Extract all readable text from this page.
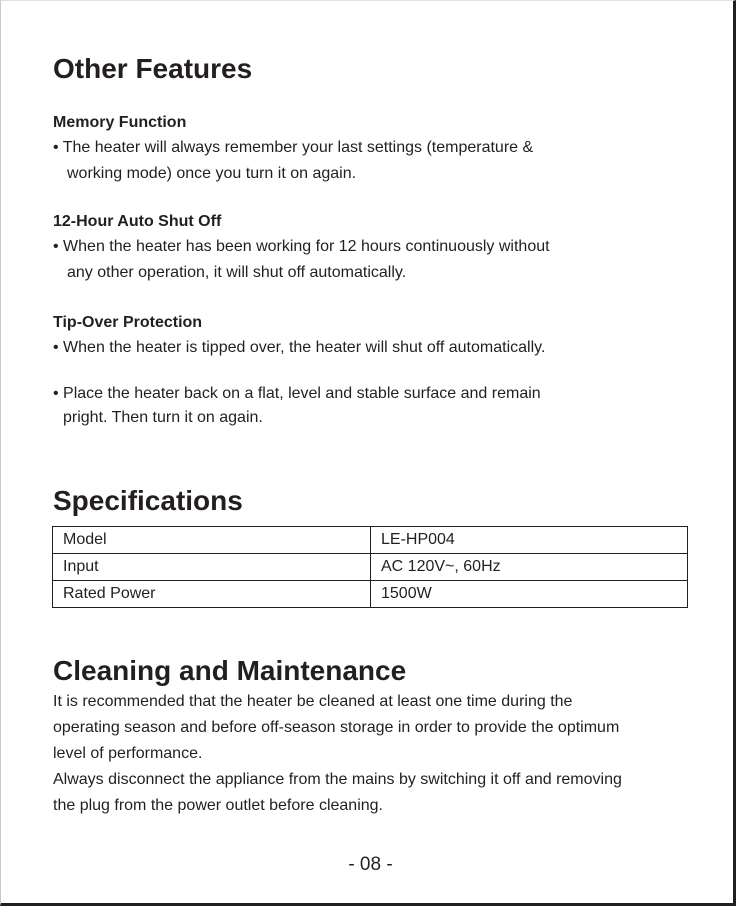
Other Features
Memory Function
• The heater will always remember your last settings (temperature &
working mode) once you turn it on again.
12-Hour Auto Shut Off
• When the heater has been working for 12 hours continuously without
any other operation, it will shut off automatically.
Tip-Over Protection
• When the heater is tipped over, the heater will shut off automatically.
• Place the heater back on a flat, level and stable surface and remain
pright. Then turn it on again.
Specifications
Model	LE-HP004
Input	AC 120V~, 60Hz
Rated Power	1500W
Cleaning and Maintenance
It is recommended that the heater be cleaned at least one time during the
operating season and before off-season storage in order to provide the optimum
level of performance.
Always disconnect the appliance from the mains by switching it off and removing
the plug from the power outlet before cleaning.
- 08 -
